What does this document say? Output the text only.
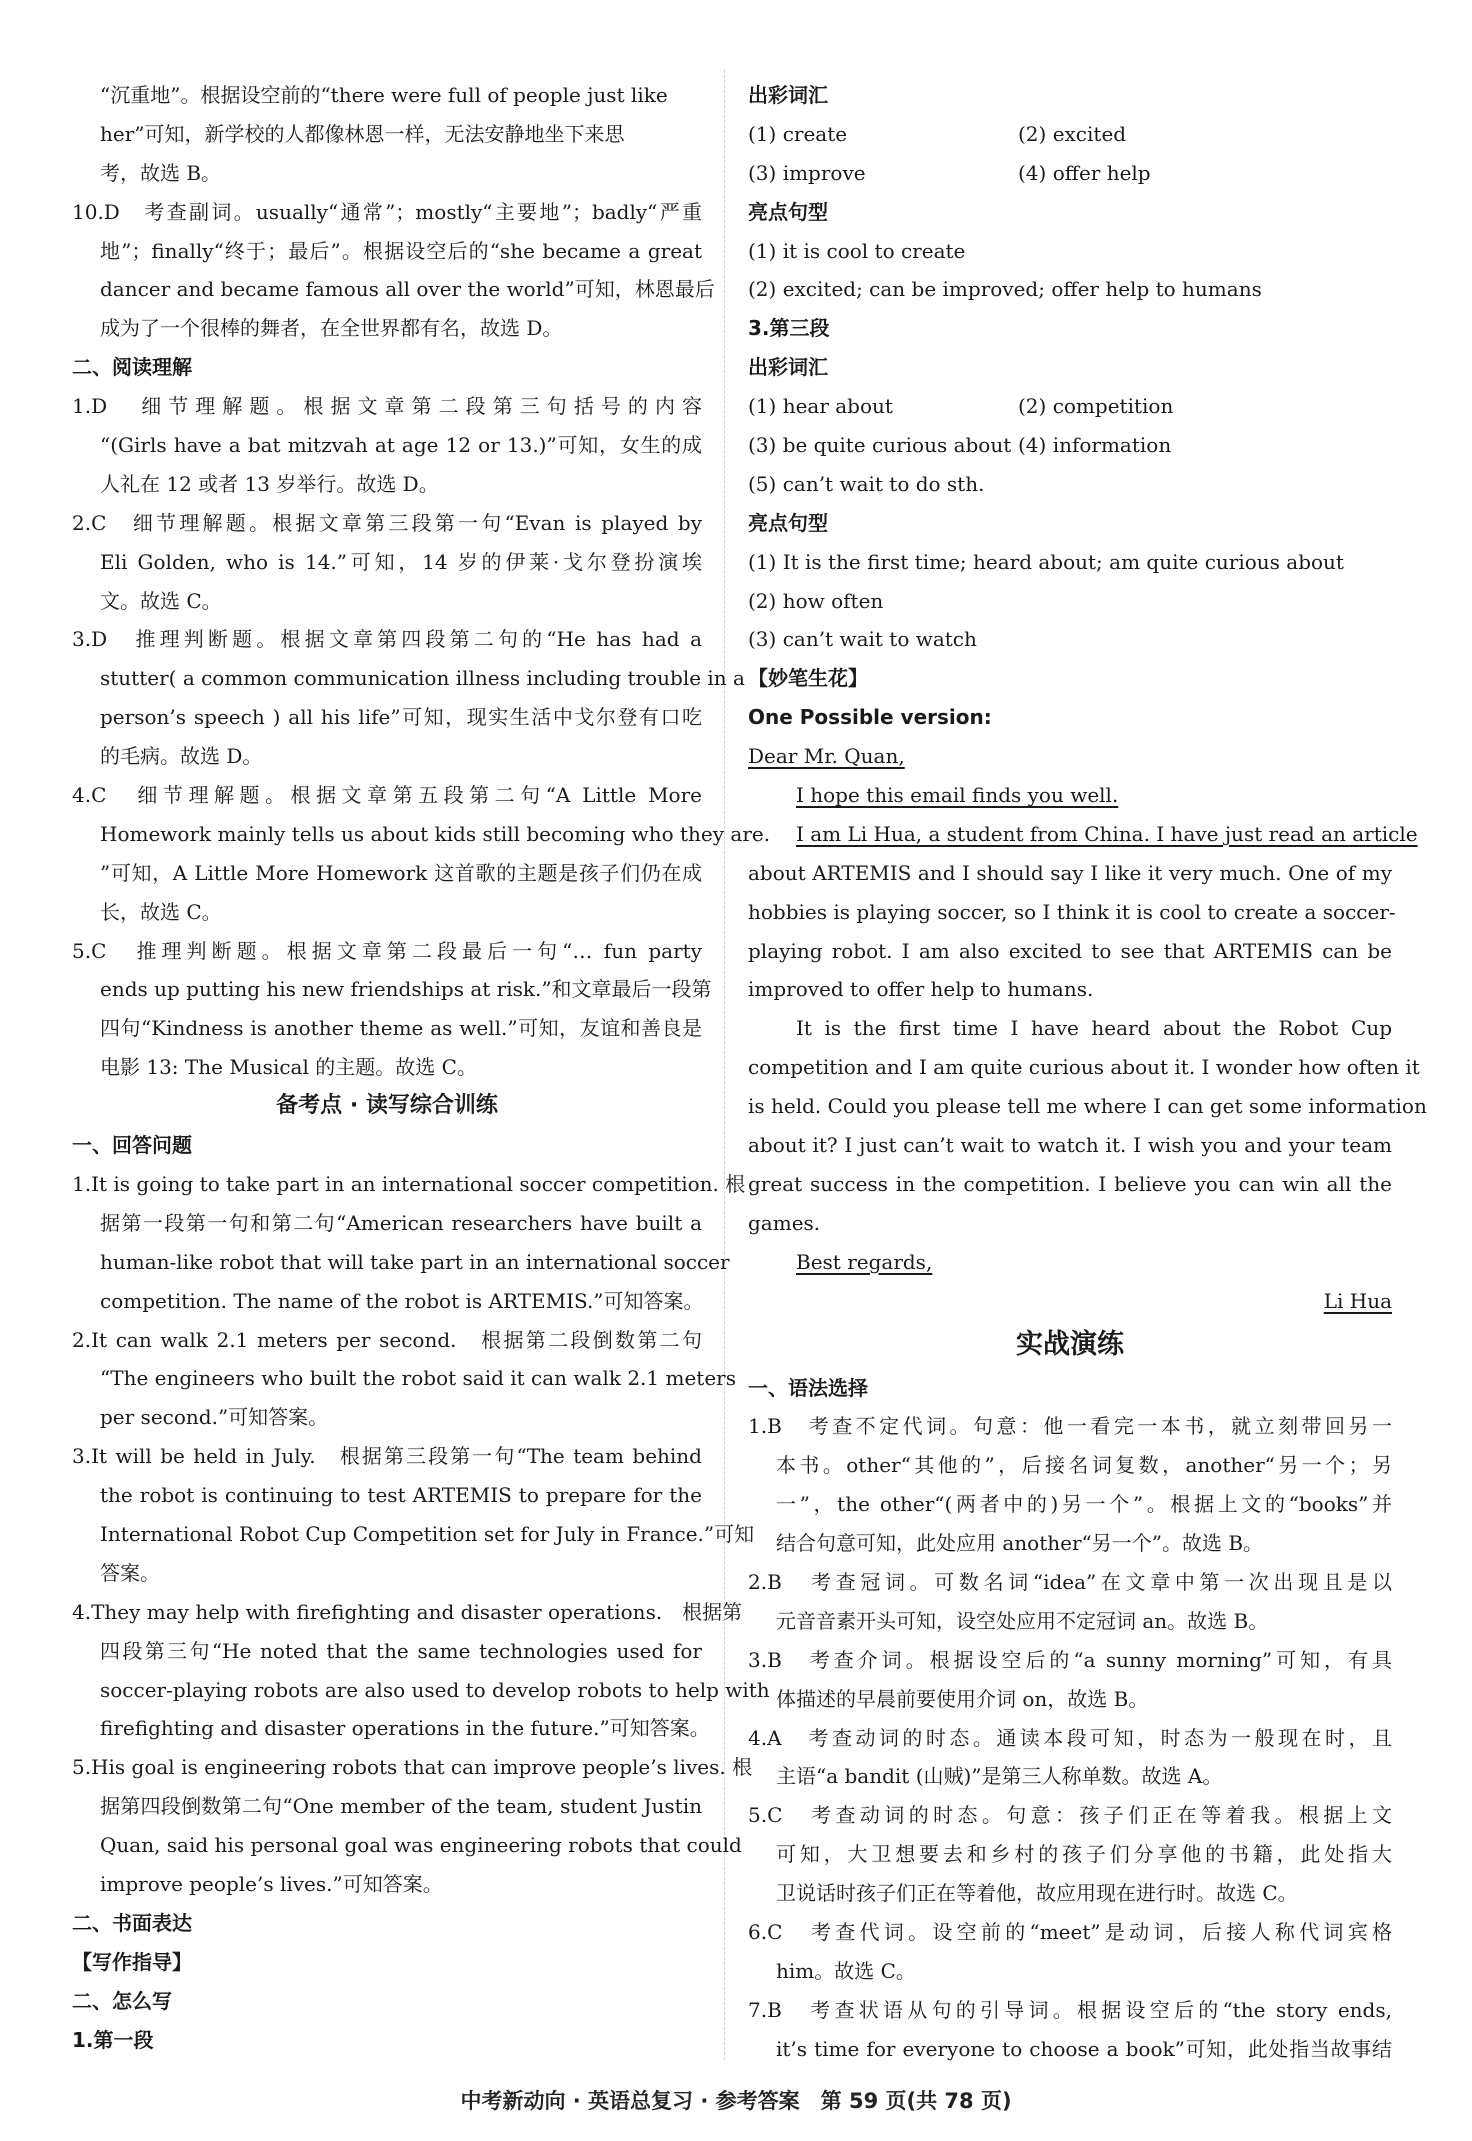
“沉重地”。根据设空前的“there were full of people just like
her”可知，新学校的人都像林恩一样，无法安静地坐下来思
考，故选 B。
10.D　考查副词。usually“通常”；mostly“主要地”；badly“严重
地”；finally“终于；最后”。根据设空后的“she became a great
dancer and became famous all over the world”可知，林恩最后
成为了一个很棒的舞者，在全世界都有名，故选 D。
二、阅读理解
1.D　细节理解题。根据文章第二段第三句括号的内容
“(Girls have a bat mitzvah at age 12 or 13.)”可知，女生的成
人礼在 12 或者 13 岁举行。故选 D。
2.C　细节理解题。根据文章第三段第一句“Evan is played by
Eli Golden, who is 14.”可知，14 岁的伊莱·戈尔登扮演埃
文。故选 C。
3.D　推理判断题。根据文章第四段第二句的“He has had a
stutter( a common communication illness including trouble in a
person’s speech ) all his life”可知，现实生活中戈尔登有口吃
的毛病。故选 D。
4.C　细节理解题。根据文章第五段第二句“A Little More
Homework mainly tells us about kids still becoming who they are.
”可知，A Little More Homework 这首歌的主题是孩子们仍在成
长，故选 C。
5.C　推理判断题。根据文章第二段最后一句“… fun party
ends up putting his new friendships at risk.”和文章最后一段第
四句“Kindness is another theme as well.”可知，友谊和善良是
电影 13: The Musical 的主题。故选 C。
备考点 · 读写综合训练
一、回答问题
1.It is going to take part in an international soccer competition. 根
据第一段第一句和第二句“American researchers have built a
human-like robot that will take part in an international soccer
competition. The name of the robot is ARTEMIS.”可知答案。
2.It can walk 2.1 meters per second.　根据第二段倒数第二句
“The engineers who built the robot said it can walk 2.1 meters
per second.”可知答案。
3.It will be held in July.　根据第三段第一句“The team behind
the robot is continuing to test ARTEMIS to prepare for the
International Robot Cup Competition set for July in France.”可知
答案。
4.They may help with firefighting and disaster operations.　根据第
四段第三句“He noted that the same technologies used for
soccer-playing robots are also used to develop robots to help with
firefighting and disaster operations in the future.”可知答案。
5.His goal is engineering robots that can improve people’s lives. 根
据第四段倒数第二句“One member of the team, student Justin
Quan, said his personal goal was engineering robots that could
improve people’s lives.”可知答案。
二、书面表达
【写作指导】
二、怎么写
1.第一段
出彩词汇
(1) create	(2) excited
(3) improve	(4) offer help
亮点句型
(1) it is cool to create
(2) excited; can be improved; offer help to humans
3.第三段
出彩词汇
(1) hear about	(2) competition
(3) be quite curious about (4) information
(5) can’t wait to do sth.
亮点句型
(1) It is the first time; heard about; am quite curious about
(2) how often
(3) can’t wait to watch
【妙笔生花】
One Possible version:
Dear Mr. Quan,
I hope this email finds you well.
I am Li Hua, a student from China. I have just read an article
about ARTEMIS and I should say I like it very much. One of my
hobbies is playing soccer, so I think it is cool to create a soccer-
playing robot. I am also excited to see that ARTEMIS can be
improved to offer help to humans.
It is the first time I have heard about the Robot Cup
competition and I am quite curious about it. I wonder how often it
is held. Could you please tell me where I can get some information
about it? I just can’t wait to watch it. I wish you and your team
great success in the competition. I believe you can win all the
games.
Best regards,
Li Hua
实战演练
一、语法选择
1.B　考查不定代词。句意：他一看完一本书，就立刻带回另一
本书。other“其他的”，后接名词复数，another“另一个；另
一”，the other“(两者中的)另一个”。根据上文的“books”并
结合句意可知，此处应用 another“另一个”。故选 B。
2.B　考查冠词。可数名词“idea”在文章中第一次出现且是以
元音音素开头可知，设空处应用不定冠词 an。故选 B。
3.B　考查介词。根据设空后的“a sunny morning”可知，有具
体描述的早晨前要使用介词 on，故选 B。
4.A　考查动词的时态。通读本段可知，时态为一般现在时，且
主语“a bandit (山贼)”是第三人称单数。故选 A。
5.C　考查动词的时态。句意：孩子们正在等着我。根据上文
可知，大卫想要去和乡村的孩子们分享他的书籍，此处指大
卫说话时孩子们正在等着他，故应用现在进行时。故选 C。
6.C　考查代词。设空前的“meet”是动词，后接人称代词宾格
him。故选 C。
7.B　考查状语从句的引导词。根据设空后的“the story ends,
it’s time for everyone to choose a book”可知，此处指当故事结
中考新动向 · 英语总复习 · 参考答案　第 59 页(共 78 页)
